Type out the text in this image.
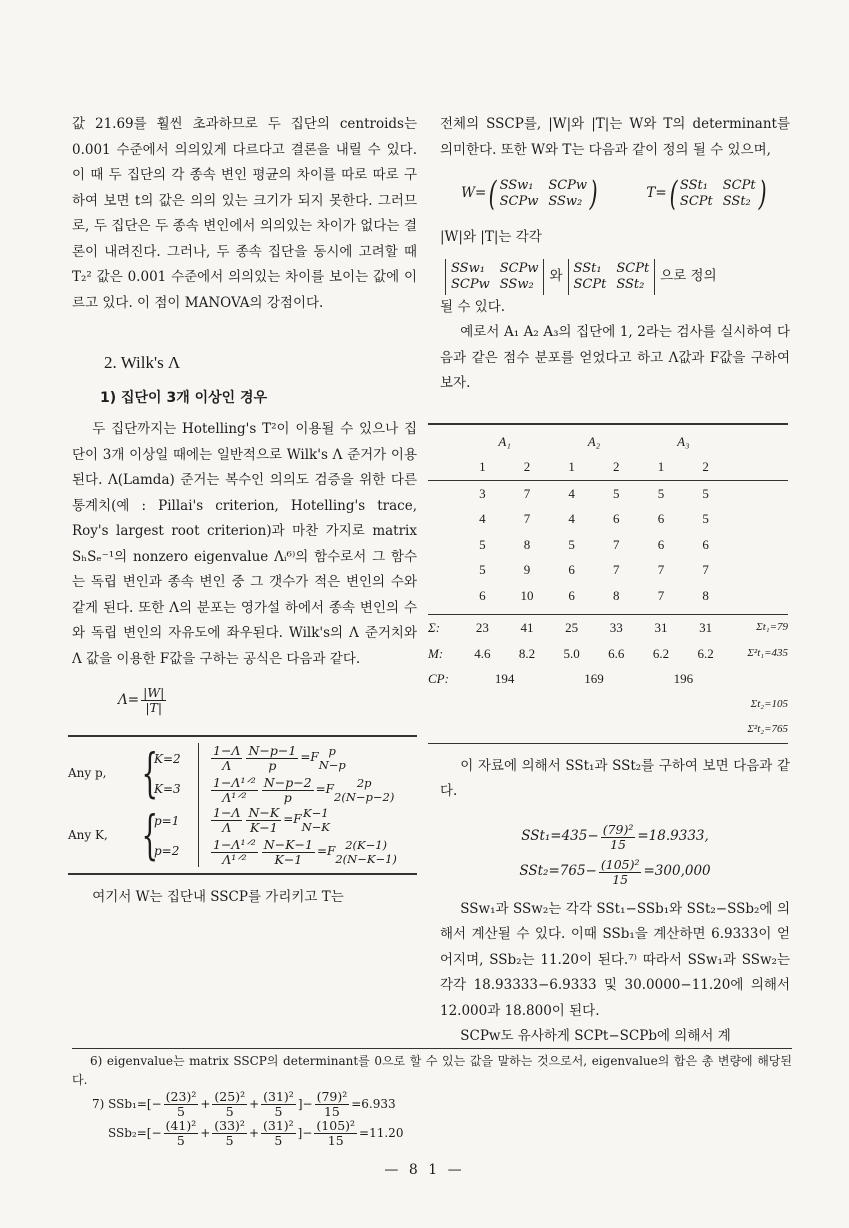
값 21.69를 훨씬 초과하므로 두 집단의 centroids는 0.001 수준에서 의의있게 다르다고 결론을 내릴 수 있다. 이 때 두 집단의 각 종속 변인 평균의 차이를 따로 따로 구하여 보면 t의 값은 의의 있는 크기가 되지 못한다. 그러므로, 두 집단은 두 종속 변인에서 의의있는 차이가 없다는 결론이 내려진다. 그러나, 두 종속 집단을 동시에 고려할 때 T₂² 값은 0.001 수준에서 의의있는 차이를 보이는 값에 이르고 있다. 이 점이 MANOVA의 강점이다.

2. Wilk's Λ
1) 집단이 3개 이상인 경우

두 집단까지는 Hotelling's T²이 이용될 수 있으나 집단이 3개 이상일 때에는 일반적으로 Wilk's Λ 준거가 이용된다. Λ(Lamda) 준거는 복수인 의의도 검증을 위한 다른 통계치(예 : Pillai's criterion, Hotelling's trace, Roy's largest root criterion)과 마찬 가지로 matrix SₕSₑ⁻¹의 nonzero eigenvalue Λᵢ⁶⁾의 함수로서 그 함수는 독립 변인과 종속 변인 중 그 갯수가 적은 변인의 수와 같게 된다. 또한 Λ의 분포는 영가설 하에서 종속 변인의 수와 독립 변인의 자유도에 좌우된다. Wilk's의 Λ 준거치와 Λ 값을 이용한 F값을 구하는 공식은 다음과 같다.

$\Lambda= \frac{|W|}{|T|}$
Any p, {
K=2
K=3
$\frac{1-\Lambda}{\Lambda} \frac{N-p-1}{p} =F$ p
N−p
$\frac{\text{1−Λ¹ᐟ²}}{\text{Λ¹ᐟ²}} \frac{N-p-2}{p} =F$ 2p
2(N−p−2)
Any K, {
p=1
p=2
$\frac{1-\Lambda}{\Lambda} \frac{N-K}{K-1} =F$ K−1
N−K
$\frac{\text{1−Λ¹ᐟ²}}{\text{Λ¹ᐟ²}} \frac{N-K-1}{K-1} =F$ 2(K−1)
2(N−K−1)

여기서 W는 집단내 SSCP를 가리키고 T는

전체의 SSCP를, |W|와 |T|는 W와 T의 determinant를 의미한다. 또한 W와 T는 다음과 같이 정의 될 수 있으며,

W= ( SSw₁	SCPw
SCPw SSw₂ )	T= ( SSt₁	SCPt
SCPt SSt₂ )

|W|와 |T|는 각각

SSw₁	SCPw
SCPw SSw₂
와 SSt₁	SCPt
SCPt SSt₂
으로 정의

될 수 있다.

예로서 A₁ A₂ A₃의 집단에 1, 2라는 검사를 실시하여 다음과 같은 점수 분포를 얻었다고 하고 Λ값과 F값을 구하여 보자.

	A₁		A₂		A₃		
	1	2	1	2	1	2	
	3	7	4	5	5	5	
	4	7	4	6	6	5	
	5	8	5	7	6	6	
	5	9	6	7	7	7	
	6	10	6	8	7	8	

Σ:	23	41	25	33	31	31	Σt₁=79
M:	4.6	8.2	5.0	6.6	6.2	6.2	Σ²t₁=435
CP:	194		169		196		
							Σt₂=105
							Σ²t₂=765

이 자료에 의해서 SSt₁과 SSt₂를 구하여 보면 다음과 같다.

$SSt_1=435- \frac{\text{(79)²}}{15} =18.9333$,
$SSt_2=765- \frac{\text{(105)²}}{15} =300,000$

SSw₁과 SSw₂는 각각 SSt₁−SSb₁와 SSt₂−SSb₂에 의해서 계산될 수 있다. 이때 SSb₁을 계산하면 6.9333이 얻어지며, SSb₂는 11.20이 된다.⁷⁾ 따라서 SSw₁과 SSw₂는 각각 18.93333−6.9333 및 30.0000−11.20에 의해서 12.000과 18.800이 된다.

SCPw도 유사하게 SCPt−SCPb에 의해서 계

6) eigenvalue는 matrix SSCP의 determinant를 0으로 할 수 있는 값을 말하는 것으로서, eigenvalue의 합은 총 변량에 해당된다.

7) SSb₁= [− $\frac{\text{(23)²}}{5} + \frac{\text{(25)²}}{5} + \frac{\text{(31)²}}{5}$ ]− $\frac{\text{(79)²}}{15} =6.933$
SSb₂= [− $\frac{\text{(41)²}}{5} + \frac{\text{(33)²}}{5} + \frac{\text{(31)²}}{5}$ ]− $\frac{\text{(105)²}}{15} =11.20$
— 8 1 —
